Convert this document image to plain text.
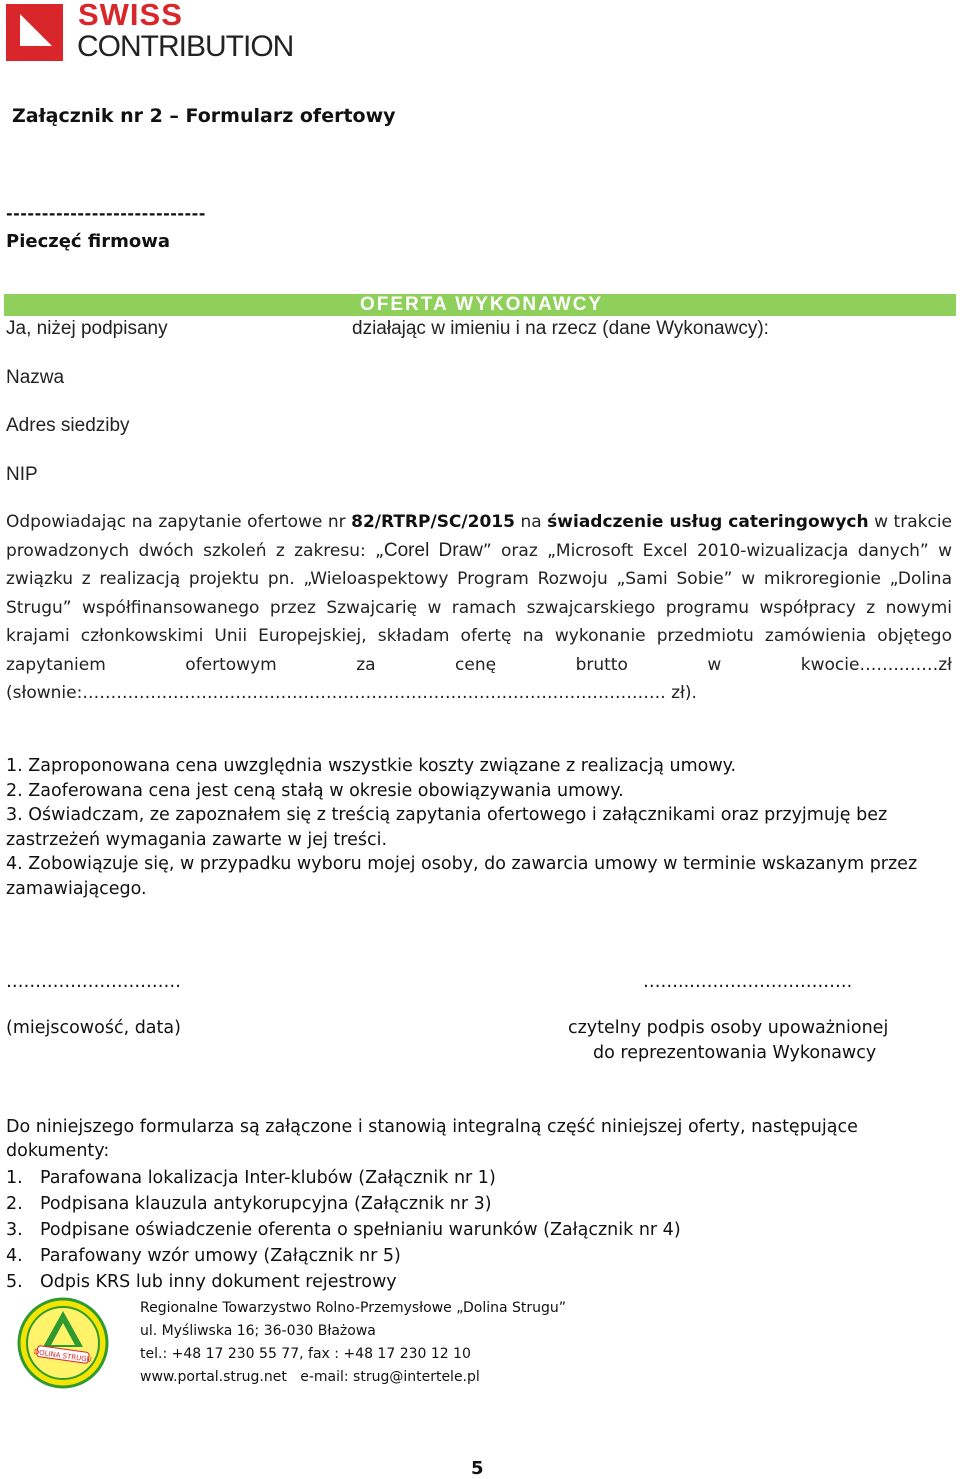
SWISS
CONTRIBUTION
Załącznik nr 2 – Formularz ofertowy
----------------------------
Pieczęć firmowa
OFERTA WYKONAWCY
Ja, niżej podpisany	działając w imieniu i na rzecz (dane Wykonawcy):
Nazwa
Adres siedziby
NIP
Odpowiadając na zapytanie ofertowe nr 82/RTRP/SC/2015 na świadczenie usług cateringowych w trakcie prowadzonych dwóch szkoleń z zakresu: „Corel Draw” oraz „Microsoft Excel 2010-wizualizacja danych” w związku z realizacją projektu pn. „Wieloaspektowy Program Rozwoju „Sami Sobie” w mikroregionie „Dolina Strugu” współfinansowanego przez Szwajcarię w ramach szwajcarskiego programu współpracy z nowymi krajami członkowskimi Unii Europejskiej, składam ofertę na wykonanie przedmiotu zamówienia objętego zapytaniem ofertowym za cenę brutto w kwocie……..……zł (słownie:…………………………………………………………………………………………. zł).
1. Zaproponowana cena uwzględnia wszystkie koszty związane z realizacją umowy.
2. Zaoferowana cena jest ceną stałą w okresie obowiązywania umowy.
3. Oświadczam, ze zapoznałem się z treścią zapytania ofertowego i załącznikami oraz przyjmuję bez zastrzeżeń wymagania zawarte w jej treści.
4. Zobowiązuje się, w przypadku wyboru mojej osoby, do zawarcia umowy w terminie wskazanym przez zamawiającego.
…………………………	……..……………………….
(miejscowość, data)	czytelny podpis osoby upoważnionej
do reprezentowania Wykonawcy
Do niniejszego formularza są załączone i stanowią integralną część niniejszej oferty, następujące dokumenty:
1. Parafowana lokalizacja Inter-klubów (Załącznik nr 1)
2. Podpisana klauzula antykorupcyjna (Załącznik nr 3)
3. Podpisane oświadczenie oferenta o spełnianiu warunków (Załącznik nr 4)
4. Parafowany wzór umowy (Załącznik nr 5)
5. Odpis KRS lub inny dokument rejestrowy
DOLINA STRUGU
Regionalne Towarzystwo Rolno-Przemysłowe „Dolina Strugu”
ul. Myśliwska 16; 36-030 Błażowa
tel.: +48 17 230 55 77, fax : +48 17 230 12 10
www.portal.strug.net   e-mail: strug@intertele.pl
5
